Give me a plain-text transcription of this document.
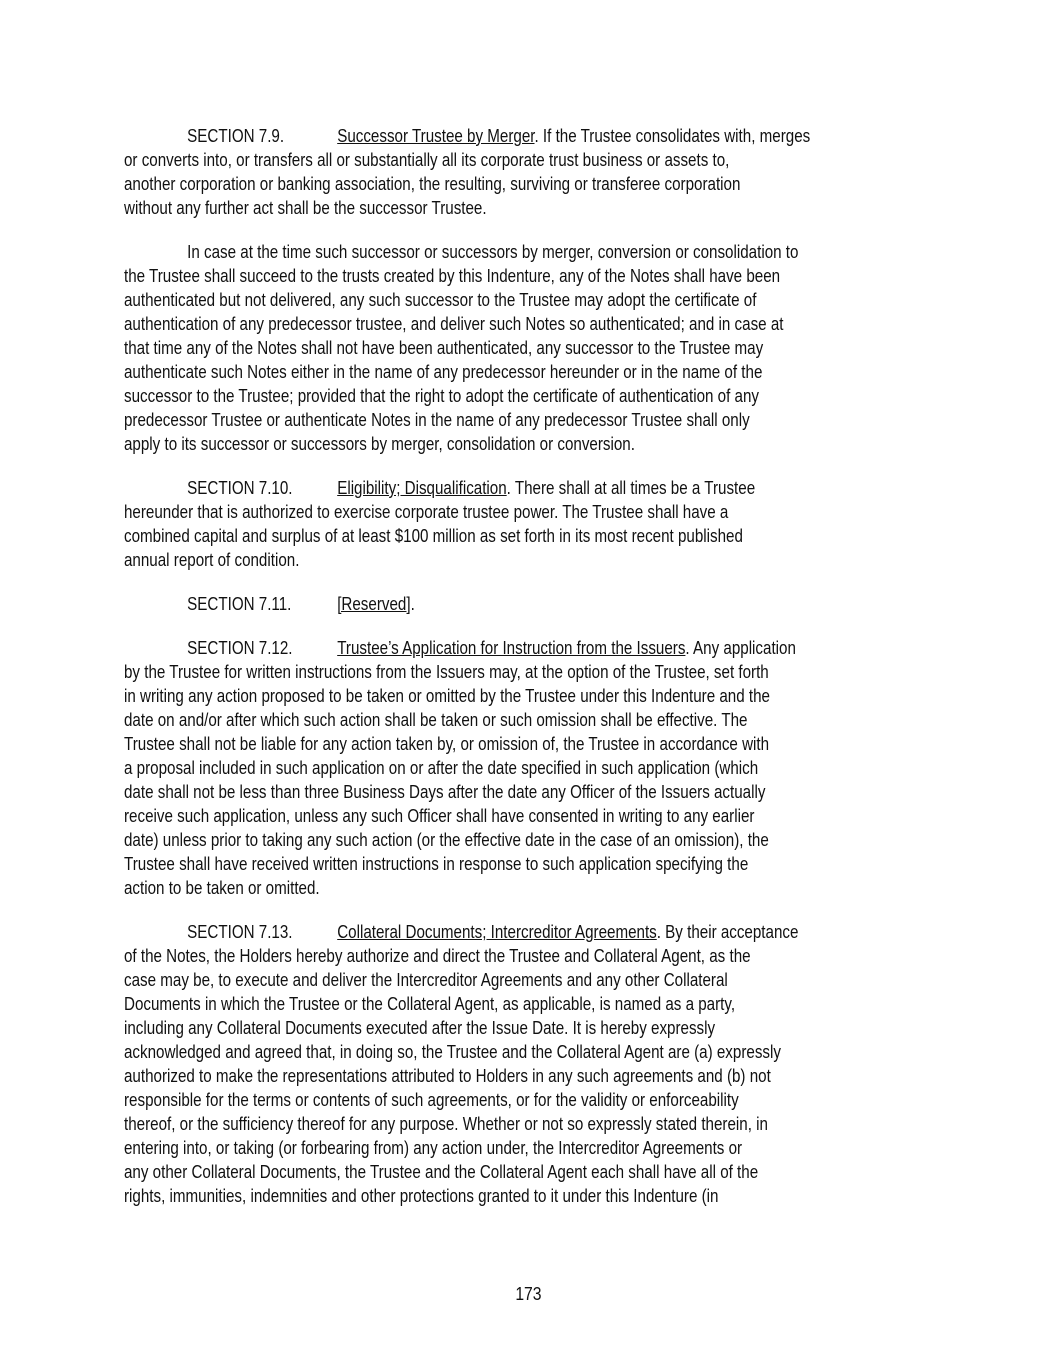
SECTION 7.9.	Successor Trustee by Merger. If the Trustee consolidates with, merges
or converts into, or transfers all or substantially all its corporate trust business or assets to,
another corporation or banking association, the resulting, surviving or transferee corporation
without any further act shall be the successor Trustee.
In case at the time such successor or successors by merger, conversion or consolidation to
the Trustee shall succeed to the trusts created by this Indenture, any of the Notes shall have been
authenticated but not delivered, any such successor to the Trustee may adopt the certificate of
authentication of any predecessor trustee, and deliver such Notes so authenticated; and in case at
that time any of the Notes shall not have been authenticated, any successor to the Trustee may
authenticate such Notes either in the name of any predecessor hereunder or in the name of the
successor to the Trustee; provided that the right to adopt the certificate of authentication of any
predecessor Trustee or authenticate Notes in the name of any predecessor Trustee shall only
apply to its successor or successors by merger, consolidation or conversion.
SECTION 7.10. Eligibility; Disqualification. There shall at all times be a Trustee
hereunder that is authorized to exercise corporate trustee power. The Trustee shall have a
combined capital and surplus of at least $100 million as set forth in its most recent published
annual report of condition.
SECTION 7.11. [Reserved].
SECTION 7.12. Trustee’s Application for Instruction from the Issuers. Any application
by the Trustee for written instructions from the Issuers may, at the option of the Trustee, set forth
in writing any action proposed to be taken or omitted by the Trustee under this Indenture and the
date on and/or after which such action shall be taken or such omission shall be effective. The
Trustee shall not be liable for any action taken by, or omission of, the Trustee in accordance with
a proposal included in such application on or after the date specified in such application (which
date shall not be less than three Business Days after the date any Officer of the Issuers actually
receive such application, unless any such Officer shall have consented in writing to any earlier
date) unless prior to taking any such action (or the effective date in the case of an omission), the
Trustee shall have received written instructions in response to such application specifying the
action to be taken or omitted.
SECTION 7.13. Collateral Documents; Intercreditor Agreements. By their acceptance
of the Notes, the Holders hereby authorize and direct the Trustee and Collateral Agent, as the
case may be, to execute and deliver the Intercreditor Agreements and any other Collateral
Documents in which the Trustee or the Collateral Agent, as applicable, is named as a party,
including any Collateral Documents executed after the Issue Date. It is hereby expressly
acknowledged and agreed that, in doing so, the Trustee and the Collateral Agent are (a) expressly
authorized to make the representations attributed to Holders in any such agreements and (b) not
responsible for the terms or contents of such agreements, or for the validity or enforceability
thereof, or the sufficiency thereof for any purpose. Whether or not so expressly stated therein, in
entering into, or taking (or forbearing from) any action under, the Intercreditor Agreements or
any other Collateral Documents, the Trustee and the Collateral Agent each shall have all of the
rights, immunities, indemnities and other protections granted to it under this Indenture (in
173
